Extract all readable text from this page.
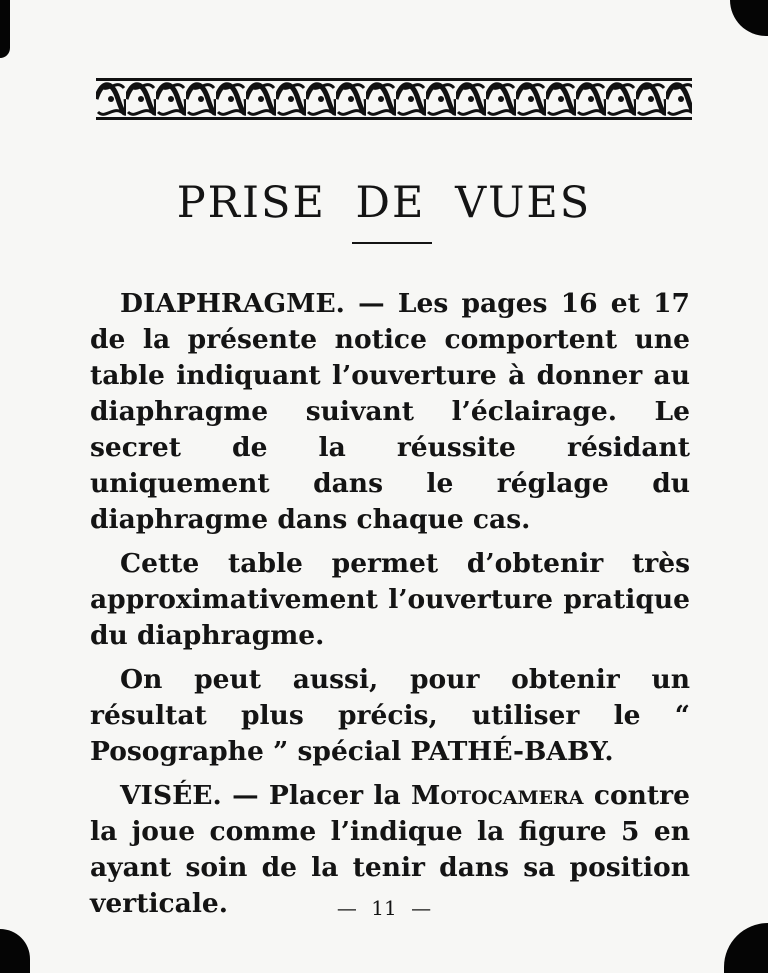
PRISE DE VUES

DIAPHRAGME. — Les pages 16 et 17 de la présente notice comportent une table indiquant l’ouverture à donner au diaphragme suivant l’éclairage. Le secret de la réussite résidant uniquement dans le réglage du diaphragme dans chaque cas.

Cette table permet d’obtenir très approximativement l’ouverture pratique du diaphragme.

On peut aussi, pour obtenir un résultat plus précis, utiliser le “ Posographe ” spécial PATHÉ-BABY.

VISÉE. — Placer la Motocamera contre la joue comme l’indique la figure 5 en ayant soin de la tenir dans sa position verticale.	— 11 —
